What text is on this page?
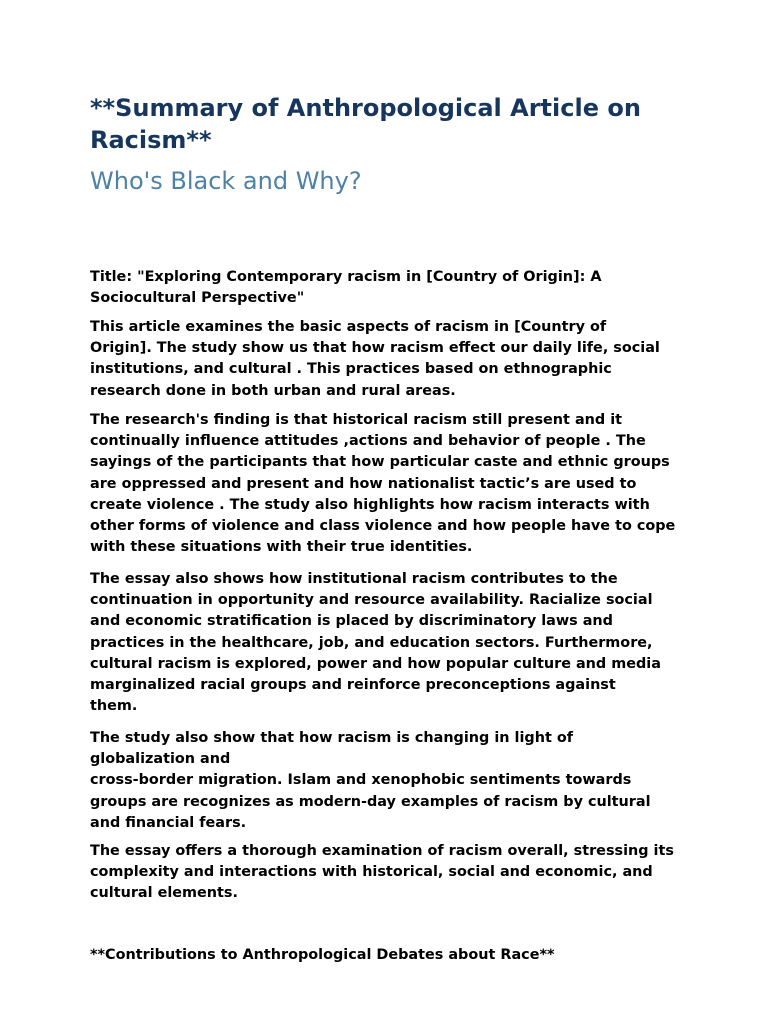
**Summary of Anthropological Article on Racism**
Who's Black and Why?
Title: "Exploring Contemporary racism in [Country of Origin]: A
Sociocultural Perspective"
This article examines the basic aspects of racism in [Country of
Origin]. The study show us that how racism effect our daily life, social
institutions, and cultural . This practices based on ethnographic
research done in both urban and rural areas.
The research's finding is that historical racism still present and it
continually influence attitudes ,actions and behavior of people . The
sayings of the participants that how particular caste and ethnic groups
are oppressed and present and how nationalist tactic’s are used to
create violence . The study also highlights how racism interacts with
other forms of violence and class violence and how people have to cope
with these situations with their true identities.
The essay also shows how institutional racism contributes to the
continuation in opportunity and resource availability. Racialize social
and economic stratification is placed by discriminatory laws and
practices in the healthcare, job, and education sectors. Furthermore,
cultural racism is explored, power and how popular culture and media
marginalized racial groups and reinforce preconceptions against
them.
The study also show that how racism is changing in light of
globalization and
cross-border migration. Islam and xenophobic sentiments towards
groups are recognizes as modern-day examples of racism by cultural
and financial fears.
The essay offers a thorough examination of racism overall, stressing its
complexity and interactions with historical, social and economic, and
cultural elements.
**Contributions to Anthropological Debates about Race**
